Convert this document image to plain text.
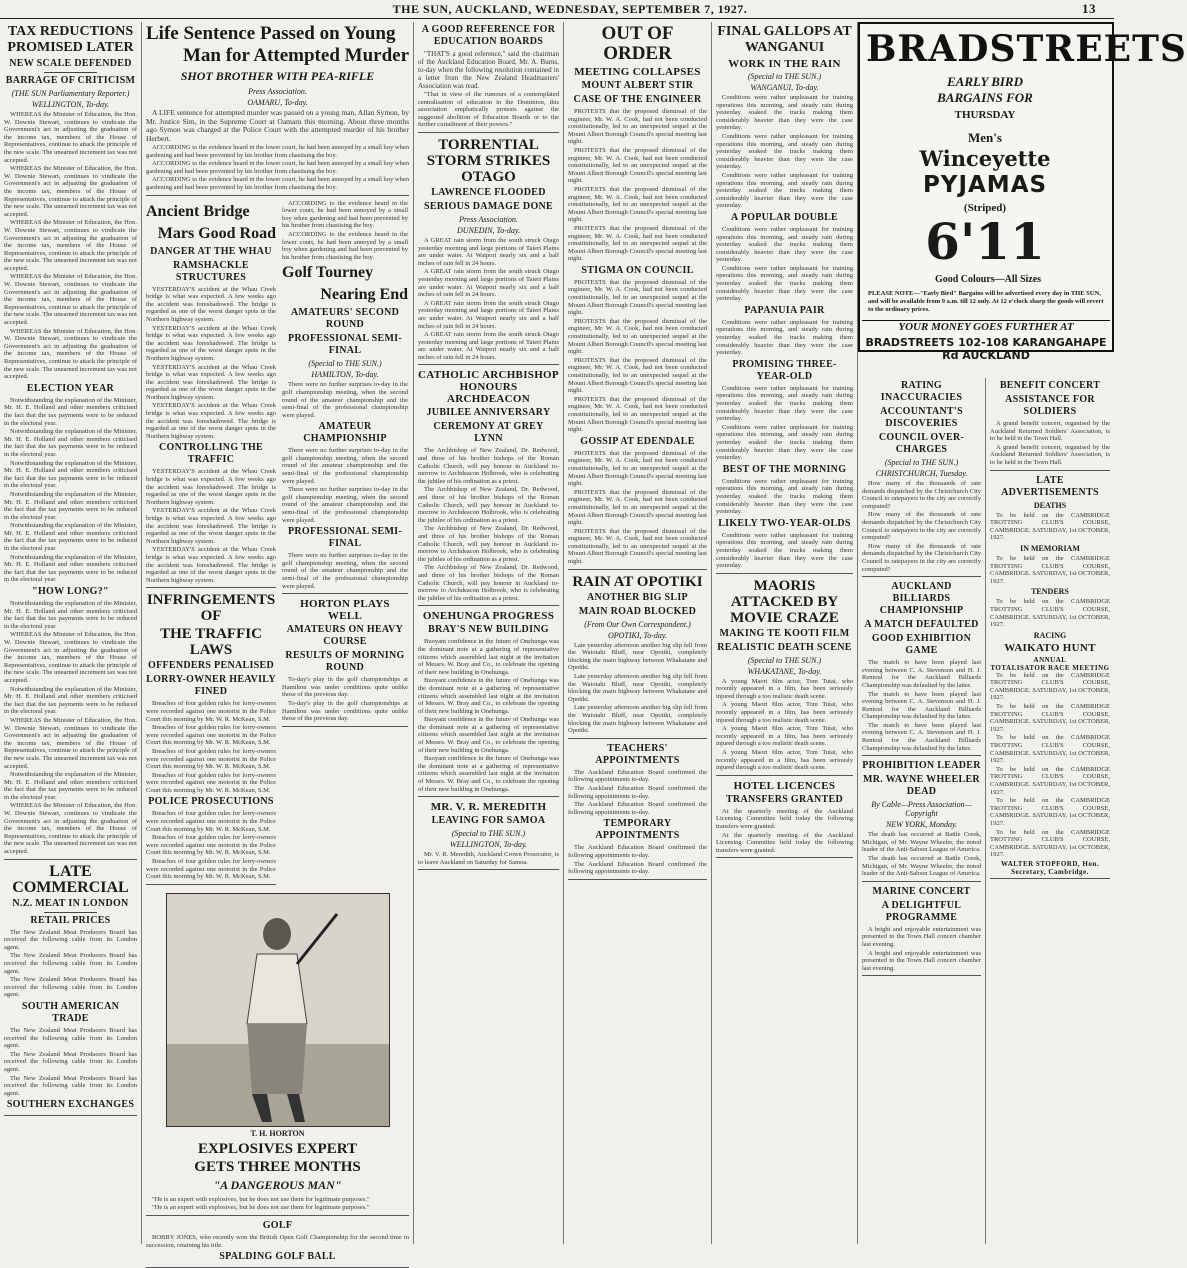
THE SUN, AUCKLAND, WEDNESDAY, SEPTEMBER 7, 1927.	13
TAX REDUCTIONS PROMISED LATER
NEW SCALE DEFENDED
BARRAGE OF CRITICISM
(THE SUN Parliamentary Reporter.)
WELLINGTON, To-day.

WHEREAS the Minister of Education, the Hon. W. Downie Stewart, continues to vindicate the Government's act in adjusting the graduation of the income tax, members of the House of Representatives, continue to attack the principle of the new scale. The unearned increment tax was not accepted.

WHEREAS the Minister of Education, the Hon. W. Downie Stewart, continues to vindicate the Government's act in adjusting the graduation of the income tax, members of the House of Representatives, continue to attack the principle of the new scale. The unearned increment tax was not accepted.

WHEREAS the Minister of Education, the Hon. W. Downie Stewart, continues to vindicate the Government's act in adjusting the graduation of the income tax, members of the House of Representatives, continue to attack the principle of the new scale. The unearned increment tax was not accepted.

WHEREAS the Minister of Education, the Hon. W. Downie Stewart, continues to vindicate the Government's act in adjusting the graduation of the income tax, members of the House of Representatives, continue to attack the principle of the new scale. The unearned increment tax was not accepted.

WHEREAS the Minister of Education, the Hon. W. Downie Stewart, continues to vindicate the Government's act in adjusting the graduation of the income tax, members of the House of Representatives, continue to attack the principle of the new scale. The unearned increment tax was not accepted.

ELECTION YEAR

Notwithstanding the explanation of the Minister, Mr. H. E. Holland and other members criticised the fact that the tax payments were to be reduced in the electoral year.

Notwithstanding the explanation of the Minister, Mr. H. E. Holland and other members criticised the fact that the tax payments were to be reduced in the electoral year.

Notwithstanding the explanation of the Minister, Mr. H. E. Holland and other members criticised the fact that the tax payments were to be reduced in the electoral year.

Notwithstanding the explanation of the Minister, Mr. H. E. Holland and other members criticised the fact that the tax payments were to be reduced in the electoral year.

Notwithstanding the explanation of the Minister, Mr. H. E. Holland and other members criticised the fact that the tax payments were to be reduced in the electoral year.

Notwithstanding the explanation of the Minister, Mr. H. E. Holland and other members criticised the fact that the tax payments were to be reduced in the electoral year.

"HOW LONG?"

Notwithstanding the explanation of the Minister, Mr. H. E. Holland and other members criticised the fact that the tax payments were to be reduced in the electoral year.

WHEREAS the Minister of Education, the Hon. W. Downie Stewart, continues to vindicate the Government's act in adjusting the graduation of the income tax, members of the House of Representatives, continue to attack the principle of the new scale. The unearned increment tax was not accepted.

Notwithstanding the explanation of the Minister, Mr. H. E. Holland and other members criticised the fact that the tax payments were to be reduced in the electoral year.

WHEREAS the Minister of Education, the Hon. W. Downie Stewart, continues to vindicate the Government's act in adjusting the graduation of the income tax, members of the House of Representatives, continue to attack the principle of the new scale. The unearned increment tax was not accepted.

Notwithstanding the explanation of the Minister, Mr. H. E. Holland and other members criticised the fact that the tax payments were to be reduced in the electoral year.

WHEREAS the Minister of Education, the Hon. W. Downie Stewart, continues to vindicate the Government's act in adjusting the graduation of the income tax, members of the House of Representatives, continue to attack the principle of the new scale. The unearned increment tax was not accepted.

LATE COMMERCIAL
N.Z. MEAT IN LONDON
RETAIL PRICES

The New Zealand Meat Producers Board has received the following cable from its London agent.

The New Zealand Meat Producers Board has received the following cable from its London agent.

The New Zealand Meat Producers Board has received the following cable from its London agent.

SOUTH AMERICAN TRADE

The New Zealand Meat Producers Board has received the following cable from its London agent.

The New Zealand Meat Producers Board has received the following cable from its London agent.

The New Zealand Meat Producers Board has received the following cable from its London agent.

SOUTHERN EXCHANGES
Life Sentence Passed on Young
Man for Attempted Murder
SHOT BROTHER WITH PEA-RIFLE
Press Association.
OAMARU, To-day.

A LIFE sentence for attempted murder was passed on a young man, Allan Symon, by Mr. Justice Sim, in the Supreme Court at Oamaru this morning. About three months ago Symon was charged at the Police Court with the attempted murder of his brother Herbert.

ACCORDING to the evidence heard in the lower court, he had been annoyed by a small boy when gardening and had been prevented by his brother from chastising the boy.

ACCORDING to the evidence heard in the lower court, he had been annoyed by a small boy when gardening and had been prevented by his brother from chastising the boy.

ACCORDING to the evidence heard in the lower court, he had been annoyed by a small boy when gardening and had been prevented by his brother from chastising the boy.

Ancient Bridge
Mars Good Road
DANGER AT THE WHAU
RAMSHACKLE STRUCTURES

YESTERDAY'S accident at the Whau Creek bridge is what was expected. A few weeks ago the accident was foreshadowed. The bridge is regarded as one of the worst danger spots in the Northern highway system.

YESTERDAY'S accident at the Whau Creek bridge is what was expected. A few weeks ago the accident was foreshadowed. The bridge is regarded as one of the worst danger spots in the Northern highway system.

YESTERDAY'S accident at the Whau Creek bridge is what was expected. A few weeks ago the accident was foreshadowed. The bridge is regarded as one of the worst danger spots in the Northern highway system.

YESTERDAY'S accident at the Whau Creek bridge is what was expected. A few weeks ago the accident was foreshadowed. The bridge is regarded as one of the worst danger spots in the Northern highway system.

CONTROLLING THE TRAFFIC

YESTERDAY'S accident at the Whau Creek bridge is what was expected. A few weeks ago the accident was foreshadowed. The bridge is regarded as one of the worst danger spots in the Northern highway system.

YESTERDAY'S accident at the Whau Creek bridge is what was expected. A few weeks ago the accident was foreshadowed. The bridge is regarded as one of the worst danger spots in the Northern highway system.

YESTERDAY'S accident at the Whau Creek bridge is what was expected. A few weeks ago the accident was foreshadowed. The bridge is regarded as one of the worst danger spots in the Northern highway system.

INFRINGEMENTS OF
THE TRAFFIC LAWS
OFFENDERS PENALISED
LORRY-OWNER HEAVILY FINED

Breaches of four golden rules for lorry-owners were recorded against one motorist in the Police Court this morning by Mr. W. R. McKean, S.M.

Breaches of four golden rules for lorry-owners were recorded against one motorist in the Police Court this morning by Mr. W. R. McKean, S.M.

Breaches of four golden rules for lorry-owners were recorded against one motorist in the Police Court this morning by Mr. W. R. McKean, S.M.

Breaches of four golden rules for lorry-owners were recorded against one motorist in the Police Court this morning by Mr. W. R. McKean, S.M.

POLICE PROSECUTIONS

Breaches of four golden rules for lorry-owners were recorded against one motorist in the Police Court this morning by Mr. W. R. McKean, S.M.

Breaches of four golden rules for lorry-owners were recorded against one motorist in the Police Court this morning by Mr. W. R. McKean, S.M.

Breaches of four golden rules for lorry-owners were recorded against one motorist in the Police Court this morning by Mr. W. R. McKean, S.M.

ACCORDING to the evidence heard in the lower court, he had been annoyed by a small boy when gardening and had been prevented by his brother from chastising the boy.

ACCORDING to the evidence heard in the lower court, he had been annoyed by a small boy when gardening and had been prevented by his brother from chastising the boy.

Golf Tourney
Nearing End
AMATEURS' SECOND ROUND
PROFESSIONAL SEMI-FINAL
(Special to THE SUN.)
HAMILTON, To-day.

There were no further surprises to-day in the golf championship meeting, when the second round of the amateur championship and the semi-final of the professional championship were played.

AMATEUR CHAMPIONSHIP

There were no further surprises to-day in the golf championship meeting, when the second round of the amateur championship and the semi-final of the professional championship were played.

There were no further surprises to-day in the golf championship meeting, when the second round of the amateur championship and the semi-final of the professional championship were played.

PROFESSIONAL SEMI-FINAL

There were no further surprises to-day in the golf championship meeting, when the second round of the amateur championship and the semi-final of the professional championship were played.

HORTON PLAYS WELL
AMATEURS ON HEAVY COURSE
RESULTS OF MORNING ROUND

To-day's play in the golf championships at Hamilton was under conditions quite unlike those of the previous day.

To-day's play in the golf championships at Hamilton was under conditions quite unlike those of the previous day.

T. H. HORTON
EXPLOSIVES EXPERT
GETS THREE MONTHS
"A DANGEROUS MAN"

"He is an expert with explosives, but he does not use them for legitimate purposes."

"He is an expert with explosives, but he does not use them for legitimate purposes."

GOLF

BOBBY JONES, who recently won the British Open Golf Championship for the second time in succession, retaining his title.

SPALDING GOLF BALL
A GOOD REFERENCE FOR EDUCATION BOARDS

"THAT'S a good reference," said the chairman of the Auckland Education Board, Mr. A. Burns, to-day when the following resolution contained in a letter from the New Zealand Headmasters' Association was read.

"That in view of the rumours of a contemplated centralisation of education in the Dominion, this association emphatically protests against the suggested abolition of Education Boards or to the further curtailment of their powers."

TORRENTIAL STORM STRIKES OTAGO
LAWRENCE FLOODED
SERIOUS DAMAGE DONE
Press Association.
DUNEDIN, To-day.

A GREAT rain storm from the south struck Otago yesterday morning and large portions of Taieri Plains are under water. At Waipori nearly six and a half inches of rain fell in 24 hours.

A GREAT rain storm from the south struck Otago yesterday morning and large portions of Taieri Plains are under water. At Waipori nearly six and a half inches of rain fell in 24 hours.

A GREAT rain storm from the south struck Otago yesterday morning and large portions of Taieri Plains are under water. At Waipori nearly six and a half inches of rain fell in 24 hours.

A GREAT rain storm from the south struck Otago yesterday morning and large portions of Taieri Plains are under water. At Waipori nearly six and a half inches of rain fell in 24 hours.

CATHOLIC ARCHBISHOP HONOURS ARCHDEACON
JUBILEE ANNIVERSARY
CEREMONY AT GREY LYNN

The Archbishop of New Zealand, Dr. Redwood, and three of his brother bishops of the Roman Catholic Church, will pay honour in Auckland to-morrow to Archdeacon Holbrook, who is celebrating the jubilee of his ordination as a priest.

The Archbishop of New Zealand, Dr. Redwood, and three of his brother bishops of the Roman Catholic Church, will pay honour in Auckland to-morrow to Archdeacon Holbrook, who is celebrating the jubilee of his ordination as a priest.

The Archbishop of New Zealand, Dr. Redwood, and three of his brother bishops of the Roman Catholic Church, will pay honour in Auckland to-morrow to Archdeacon Holbrook, who is celebrating the jubilee of his ordination as a priest.

The Archbishop of New Zealand, Dr. Redwood, and three of his brother bishops of the Roman Catholic Church, will pay honour in Auckland to-morrow to Archdeacon Holbrook, who is celebrating the jubilee of his ordination as a priest.

ONEHUNGA PROGRESS
BRAY'S NEW BUILDING

Buoyant confidence in the future of Onehunga was the dominant note at a gathering of representative citizens which assembled last night at the invitation of Messrs. W. Bray and Co., to celebrate the opening of their new building in Onehunga.

Buoyant confidence in the future of Onehunga was the dominant note at a gathering of representative citizens which assembled last night at the invitation of Messrs. W. Bray and Co., to celebrate the opening of their new building in Onehunga.

Buoyant confidence in the future of Onehunga was the dominant note at a gathering of representative citizens which assembled last night at the invitation of Messrs. W. Bray and Co., to celebrate the opening of their new building in Onehunga.

Buoyant confidence in the future of Onehunga was the dominant note at a gathering of representative citizens which assembled last night at the invitation of Messrs. W. Bray and Co., to celebrate the opening of their new building in Onehunga.

MR. V. R. MEREDITH
LEAVING FOR SAMOA
(Special to THE SUN.)
WELLINGTON, To-day.

Mr. V. R. Meredith, Auckland Crown Prosecutor, is to leave Auckland on Saturday for Samoa.

OUT OF ORDER
MEETING COLLAPSES
MOUNT ALBERT STIR
CASE OF THE ENGINEER

PROTESTS that the proposed dismissal of the engineer, Mr. W. A. Cook, had not been conducted constitutionally, led to an unexpected sequel at the Mount Albert Borough Council's special meeting last night.

PROTESTS that the proposed dismissal of the engineer, Mr. W. A. Cook, had not been conducted constitutionally, led to an unexpected sequel at the Mount Albert Borough Council's special meeting last night.

PROTESTS that the proposed dismissal of the engineer, Mr. W. A. Cook, had not been conducted constitutionally, led to an unexpected sequel at the Mount Albert Borough Council's special meeting last night.

PROTESTS that the proposed dismissal of the engineer, Mr. W. A. Cook, had not been conducted constitutionally, led to an unexpected sequel at the Mount Albert Borough Council's special meeting last night.

STIGMA ON COUNCIL

PROTESTS that the proposed dismissal of the engineer, Mr. W. A. Cook, had not been conducted constitutionally, led to an unexpected sequel at the Mount Albert Borough Council's special meeting last night.

PROTESTS that the proposed dismissal of the engineer, Mr. W. A. Cook, had not been conducted constitutionally, led to an unexpected sequel at the Mount Albert Borough Council's special meeting last night.

PROTESTS that the proposed dismissal of the engineer, Mr. W. A. Cook, had not been conducted constitutionally, led to an unexpected sequel at the Mount Albert Borough Council's special meeting last night.

PROTESTS that the proposed dismissal of the engineer, Mr. W. A. Cook, had not been conducted constitutionally, led to an unexpected sequel at the Mount Albert Borough Council's special meeting last night.

GOSSIP AT EDENDALE

PROTESTS that the proposed dismissal of the engineer, Mr. W. A. Cook, had not been conducted constitutionally, led to an unexpected sequel at the Mount Albert Borough Council's special meeting last night.

PROTESTS that the proposed dismissal of the engineer, Mr. W. A. Cook, had not been conducted constitutionally, led to an unexpected sequel at the Mount Albert Borough Council's special meeting last night.

PROTESTS that the proposed dismissal of the engineer, Mr. W. A. Cook, had not been conducted constitutionally, led to an unexpected sequel at the Mount Albert Borough Council's special meeting last night.

RAIN AT OPOTIKI
ANOTHER BIG SLIP
MAIN ROAD BLOCKED
(From Our Own Correspondent.)
OPOTIKI, To-day.

Late yesterday afternoon another big slip fell from the Waiotahi Bluff, near Opotiki, completely blocking the main highway between Whakatane and Opotiki.

Late yesterday afternoon another big slip fell from the Waiotahi Bluff, near Opotiki, completely blocking the main highway between Whakatane and Opotiki.

Late yesterday afternoon another big slip fell from the Waiotahi Bluff, near Opotiki, completely blocking the main highway between Whakatane and Opotiki.

TEACHERS' APPOINTMENTS

The Auckland Education Board confirmed the following appointments to-day.

The Auckland Education Board confirmed the following appointments to-day.

The Auckland Education Board confirmed the following appointments to-day.

TEMPORARY APPOINTMENTS

The Auckland Education Board confirmed the following appointments to-day.

The Auckland Education Board confirmed the following appointments to-day.

FINAL GALLOPS AT WANGANUI
WORK IN THE RAIN
(Special to THE SUN.)
WANGANUI, To-day.

Conditions were rather unpleasant for training operations this morning, and steady rain during yesterday soaked the tracks making them considerably heavier than they were the case yesterday.

Conditions were rather unpleasant for training operations this morning, and steady rain during yesterday soaked the tracks making them considerably heavier than they were the case yesterday.

Conditions were rather unpleasant for training operations this morning, and steady rain during yesterday soaked the tracks making them considerably heavier than they were the case yesterday.

A POPULAR DOUBLE

Conditions were rather unpleasant for training operations this morning, and steady rain during yesterday soaked the tracks making them considerably heavier than they were the case yesterday.

Conditions were rather unpleasant for training operations this morning, and steady rain during yesterday soaked the tracks making them considerably heavier than they were the case yesterday.

PAPANUIA PAIR

Conditions were rather unpleasant for training operations this morning, and steady rain during yesterday soaked the tracks making them considerably heavier than they were the case yesterday.

PROMISING THREE-YEAR-OLD

Conditions were rather unpleasant for training operations this morning, and steady rain during yesterday soaked the tracks making them considerably heavier than they were the case yesterday.

Conditions were rather unpleasant for training operations this morning, and steady rain during yesterday soaked the tracks making them considerably heavier than they were the case yesterday.

BEST OF THE MORNING

Conditions were rather unpleasant for training operations this morning, and steady rain during yesterday soaked the tracks making them considerably heavier than they were the case yesterday.

LIKELY TWO-YEAR-OLDS

Conditions were rather unpleasant for training operations this morning, and steady rain during yesterday soaked the tracks making them considerably heavier than they were the case yesterday.

MAORIS ATTACKED BY MOVIE CRAZE
MAKING TE KOOTI FILM
REALISTIC DEATH SCENE
(Special to THE SUN.)
WHAKATANE, To-day.

A young Maori film actor, Tom Tutai, who recently appeared in a film, has been seriously injured through a too realistic death scene.

A young Maori film actor, Tom Tutai, who recently appeared in a film, has been seriously injured through a too realistic death scene.

A young Maori film actor, Tom Tutai, who recently appeared in a film, has been seriously injured through a too realistic death scene.

A young Maori film actor, Tom Tutai, who recently appeared in a film, has been seriously injured through a too realistic death scene.

HOTEL LICENCES
TRANSFERS GRANTED

At the quarterly meeting of the Auckland Licensing Committee held today the following transfers were granted.

At the quarterly meeting of the Auckland Licensing Committee held today the following transfers were granted.

RATING INACCURACIES
ACCOUNTANT'S DISCOVERIES
COUNCIL OVER-CHARGES
(Special to THE SUN.)
CHRISTCHURCH, Tuesday.

How many of the thousands of rate demands dispatched by the Christchurch City Council to ratepayers in the city are correctly computed?

How many of the thousands of rate demands dispatched by the Christchurch City Council to ratepayers in the city are correctly computed?

How many of the thousands of rate demands dispatched by the Christchurch City Council to ratepayers in the city are correctly computed?

AUCKLAND BILLIARDS CHAMPIONSHIP
A MATCH DEFAULTED
GOOD EXHIBITION GAME

The match to have been played last evening between C. A. Stevenson and H. J. Rentoul for the Auckland Billiards Championship was defaulted by the latter.

The match to have been played last evening between C. A. Stevenson and H. J. Rentoul for the Auckland Billiards Championship was defaulted by the latter.

The match to have been played last evening between C. A. Stevenson and H. J. Rentoul for the Auckland Billiards Championship was defaulted by the latter.

PROHIBITION LEADER
MR. WAYNE WHEELER DEAD
By Cable—Press Association—Copyright
NEW YORK, Monday.

The death has occurred at Battle Creek, Michigan, of Mr. Wayne Wheeler, the noted leader of the Anti-Saloon League of America.

The death has occurred at Battle Creek, Michigan, of Mr. Wayne Wheeler, the noted leader of the Anti-Saloon League of America.

MARINE CONCERT
A DELIGHTFUL PROGRAMME

A bright and enjoyable entertainment was presented in the Town Hall concert chamber last evening.

A bright and enjoyable entertainment was presented in the Town Hall concert chamber last evening.

BENEFIT CONCERT
ASSISTANCE FOR SOLDIERS

A grand benefit concert, organised by the Auckland Returned Soldiers' Association, is to be held in the Town Hall.

A grand benefit concert, organised by the Auckland Returned Soldiers' Association, is to be held in the Town Hall.

LATE ADVERTISEMENTS
DEATHS

To be held on the CAMBRIDGE TROTTING CLUB'S COURSE, CAMBRIDGE. SATURDAY, 1st OCTOBER, 1927.

IN MEMORIAM

To be held on the CAMBRIDGE TROTTING CLUB'S COURSE, CAMBRIDGE. SATURDAY, 1st OCTOBER, 1927.

TENDERS

To be held on the CAMBRIDGE TROTTING CLUB'S COURSE, CAMBRIDGE. SATURDAY, 1st OCTOBER, 1927.

RACING
WAIKATO HUNT
ANNUAL
TOTALISATOR RACE MEETING

To be held on the CAMBRIDGE TROTTING CLUB'S COURSE, CAMBRIDGE. SATURDAY, 1st OCTOBER, 1927.

To be held on the CAMBRIDGE TROTTING CLUB'S COURSE, CAMBRIDGE. SATURDAY, 1st OCTOBER, 1927.

To be held on the CAMBRIDGE TROTTING CLUB'S COURSE, CAMBRIDGE. SATURDAY, 1st OCTOBER, 1927.

To be held on the CAMBRIDGE TROTTING CLUB'S COURSE, CAMBRIDGE. SATURDAY, 1st OCTOBER, 1927.

To be held on the CAMBRIDGE TROTTING CLUB'S COURSE, CAMBRIDGE. SATURDAY, 1st OCTOBER, 1927.

To be held on the CAMBRIDGE TROTTING CLUB'S COURSE, CAMBRIDGE. SATURDAY, 1st OCTOBER, 1927.

WALTER STOPFORD, Hon. Secretary, Cambridge.
BRADSTREETS
EARLY BIRD BARGAINS FOR
THURSDAY
Men's
Winceyette
PYJAMAS
(Striped)
6'11
Good Colours—All Sizes
PLEASE NOTE—"Early Bird" Bargains will be advertised every day in THE SUN, and will be available from 9 a.m. till 12 only. At 12 o'clock sharp the goods will revert to the ordinary prices.
YOUR MONEY GOES FURTHER AT
BRADSTREETS 102-108 KARANGAHAPE Rd AUCKLAND
